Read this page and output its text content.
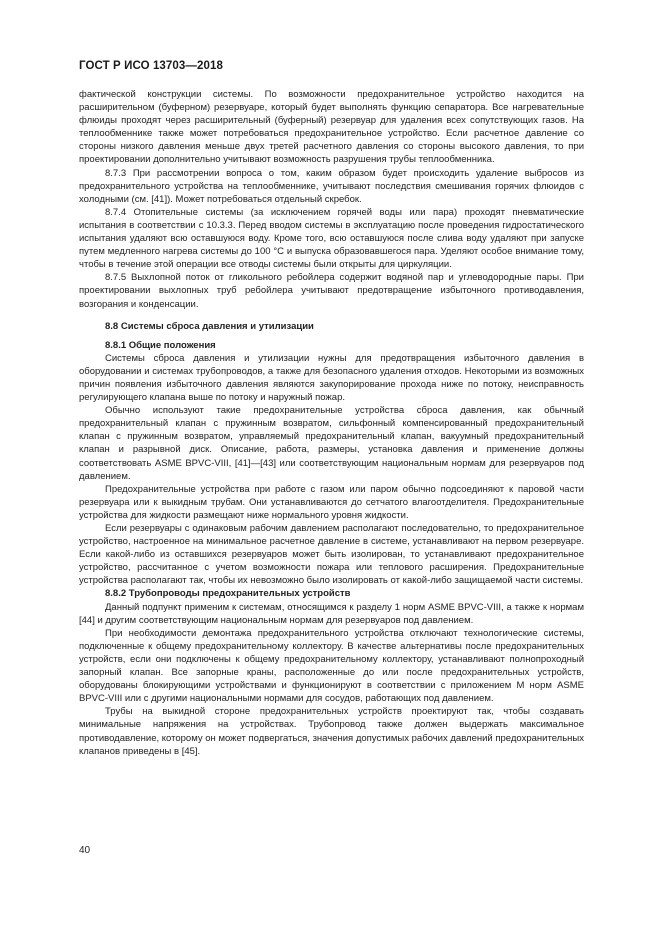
ГОСТ Р ИСО 13703—2018

фактической конструкции системы. По возможности предохранительное устройство находится на расширительном (буферном) резервуаре, который будет выполнять функцию сепаратора. Все нагревательные флюиды проходят через расширительный (буферный) резервуар для удаления всех сопутствующих газов. На теплообменнике также может потребоваться предохранительное устройство. Если расчетное давление со стороны низкого давления меньше двух третей расчетного давления со стороны высокого давления, то при проектировании дополнительно учитывают возможность разрушения трубы теплообменника.

8.7.3 При рассмотрении вопроса о том, каким образом будет происходить удаление выбросов из предохранительного устройства на теплообменнике, учитывают последствия смешивания горячих флюидов с холодными (см. [41]). Может потребоваться отдельный скребок.

8.7.4 Отопительные системы (за исключением горячей воды или пара) проходят пневматические испытания в соответствии с 10.3.3. Перед вводом системы в эксплуатацию после проведения гидростатического испытания удаляют всю оставшуюся воду. Кроме того, всю оставшуюся после слива воду удаляют при запуске путем медленного нагрева системы до 100 °С и выпуска образовавшегося пара. Уделяют особое внимание тому, чтобы в течение этой операции все отводы системы были открыты для циркуляции.

8.7.5 Выхлопной поток от гликольного ребойлера содержит водяной пар и углеводородные пары. При проектировании выхлопных труб ребойлера учитывают предотвращение избыточного противодавления, возгорания и конденсации.

8.8 Системы сброса давления и утилизации

8.8.1 Общие положения

Системы сброса давления и утилизации нужны для предотвращения избыточного давления в оборудовании и системах трубопроводов, а также для безопасного удаления отходов. Некоторыми из возможных причин появления избыточного давления являются закупорирование прохода ниже по потоку, неисправность регулирующего клапана выше по потоку и наружный пожар.

Обычно используют такие предохранительные устройства сброса давления, как обычный предохранительный клапан с пружинным возвратом, сильфонный компенсированный предохранительный клапан с пружинным возвратом, управляемый предохранительный клапан, вакуумный предохранительный клапан и разрывной диск. Описание, работа, размеры, установка давления и применение должны соответствовать ASME BPVC-VIII, [41]—[43] или соответствующим национальным нормам для резервуаров под давлением.

Предохранительные устройства при работе с газом или паром обычно подсоединяют к паровой части резервуара или к выкидным трубам. Они устанавливаются до сетчатого влагоотделителя. Предохранительные устройства для жидкости размещают ниже нормального уровня жидкости.

Если резервуары с одинаковым рабочим давлением располагают последовательно, то предохранительное устройство, настроенное на минимальное расчетное давление в системе, устанавливают на первом резервуаре. Если какой-либо из оставшихся резервуаров может быть изолирован, то устанавливают предохранительное устройство, рассчитанное с учетом возможности пожара или теплового расширения. Предохранительные устройства располагают так, чтобы их невозможно было изолировать от какой-либо защищаемой части системы.

8.8.2 Трубопроводы предохранительных устройств

Данный подпункт применим к системам, относящимся к разделу 1 норм ASME BPVC-VIII, а также к нормам [44] и другим соответствующим национальным нормам для резервуаров под давлением.

При необходимости демонтажа предохранительного устройства отключают технологические системы, подключенные к общему предохранительному коллектору. В качестве альтернативы после предохранительных устройств, если они подключены к общему предохранительному коллектору, устанавливают полнопроходный запорный клапан. Все запорные краны, расположенные до или после предохранительных устройств, оборудованы блокирующими устройствами и функционируют в соответствии с приложением М норм ASME BPVC-VIII или с другими национальными нормами для сосудов, работающих под давлением.

Трубы на выкидной стороне предохранительных устройств проектируют так, чтобы создавать минимальные напряжения на устройствах. Трубопровод также должен выдержать максимальное противодавление, которому он может подвергаться, значения допустимых рабочих давлений предохранительных клапанов приведены в [45].

40
